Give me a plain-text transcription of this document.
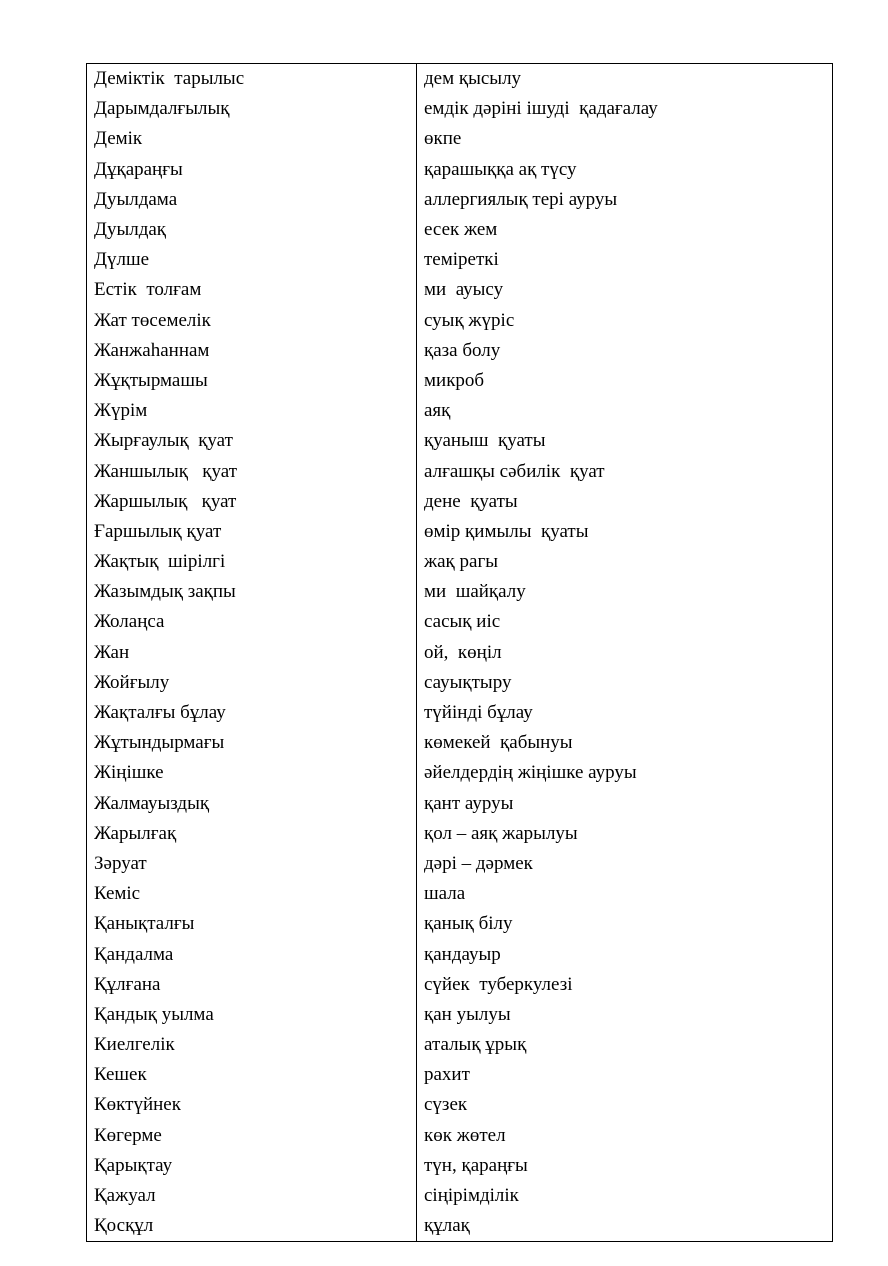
Деміктік  тарылыс	дем қысылу
Дарымдалғылық	емдік дәріні ішуді  қадағалау
Демік	өкпе
Дұқараңғы	қарашыққа ақ түсу
Дуылдама	аллергиялық тері ауруы
Дуылдақ	есек жем
Дүлше	теміреткі
Естік  толғам	ми  ауысу
Жат төсемелік	суық жүріс
Жанжаһаннам	қаза болу
Жұқтырмашы	микроб
Жүрім	аяқ
Жырғаулық  қуат	қуаныш  қуаты
Жаншылық   қуат	алғашқы сәбилік  қуат
Жаршылық   қуат	дене  қуаты
Ғаршылық қуат	өмір қимылы  қуаты
Жақтық  шірілгі	жақ рагы
Жазымдық зақпы	ми  шайқалу
Жолаңса	сасық иіс
Жан	ой,  көңіл
Жойғылу	сауықтыру
Жақталғы бұлау	түйінді бұлау
Жұтындырмағы	көмекей  қабынуы
Жіңішке	әйелдердің жіңішке ауруы
Жалмауыздық	қант ауруы
Жарылғақ	қол – аяқ жарылуы
Зәруат	дәрі – дәрмек
Кеміс	шала
Қанықталғы	қанық білу
Қандалма	қандауыр
Құлғана	сүйек  туберкулезі
Қандық уылма	қан уылуы
Киелгелік	аталық ұрық
Кешек	рахит
Көктүйнек	сүзек
Көгерме	көк жөтел
Қарықтау	түн, қараңғы
Қажуал	сіңірімділік
Қосқұл	құлақ
